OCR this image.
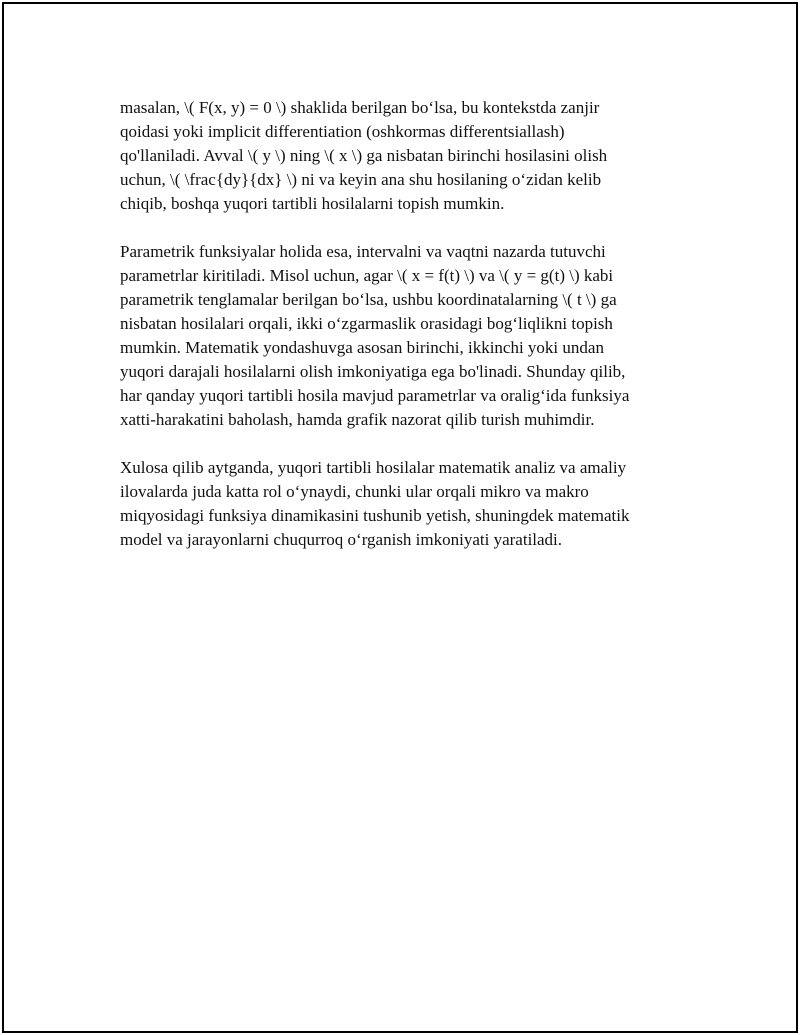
masalan, \( F(x, y) = 0 \) shaklida berilgan bo‘lsa, bu kontekstda zanjir
qoidasi yoki implicit differentiation (oshkormas differentsiallash)
qo'llaniladi. Avval \( y \) ning \( x \) ga nisbatan birinchi hosilasini olish
uchun, \( \frac{dy}{dx} \) ni va keyin ana shu hosilaning o‘zidan kelib
chiqib, boshqa yuqori tartibli hosilalarni topish mumkin.

Parametrik funksiyalar holida esa, intervalni va vaqtni nazarda tutuvchi
parametrlar kiritiladi. Misol uchun, agar \( x = f(t) \) va \( y = g(t) \) kabi
parametrik tenglamalar berilgan bo‘lsa, ushbu koordinatalarning \( t \) ga
nisbatan hosilalari orqali, ikki o‘zgarmaslik orasidagi bog‘liqlikni topish
mumkin. Matematik yondashuvga asosan birinchi, ikkinchi yoki undan
yuqori darajali hosilalarni olish imkoniyatiga ega bo'linadi. Shunday qilib,
har qanday yuqori tartibli hosila mavjud parametrlar va oralig‘ida funksiya
xatti-harakatini baholash, hamda grafik nazorat qilib turish muhimdir.

Xulosa qilib aytganda, yuqori tartibli hosilalar matematik analiz va amaliy
ilovalarda juda katta rol o‘ynaydi, chunki ular orqali mikro va makro
miqyosidagi funksiya dinamikasini tushunib yetish, shuningdek matematik
model va jarayonlarni chuqurroq o‘rganish imkoniyati yaratiladi.
